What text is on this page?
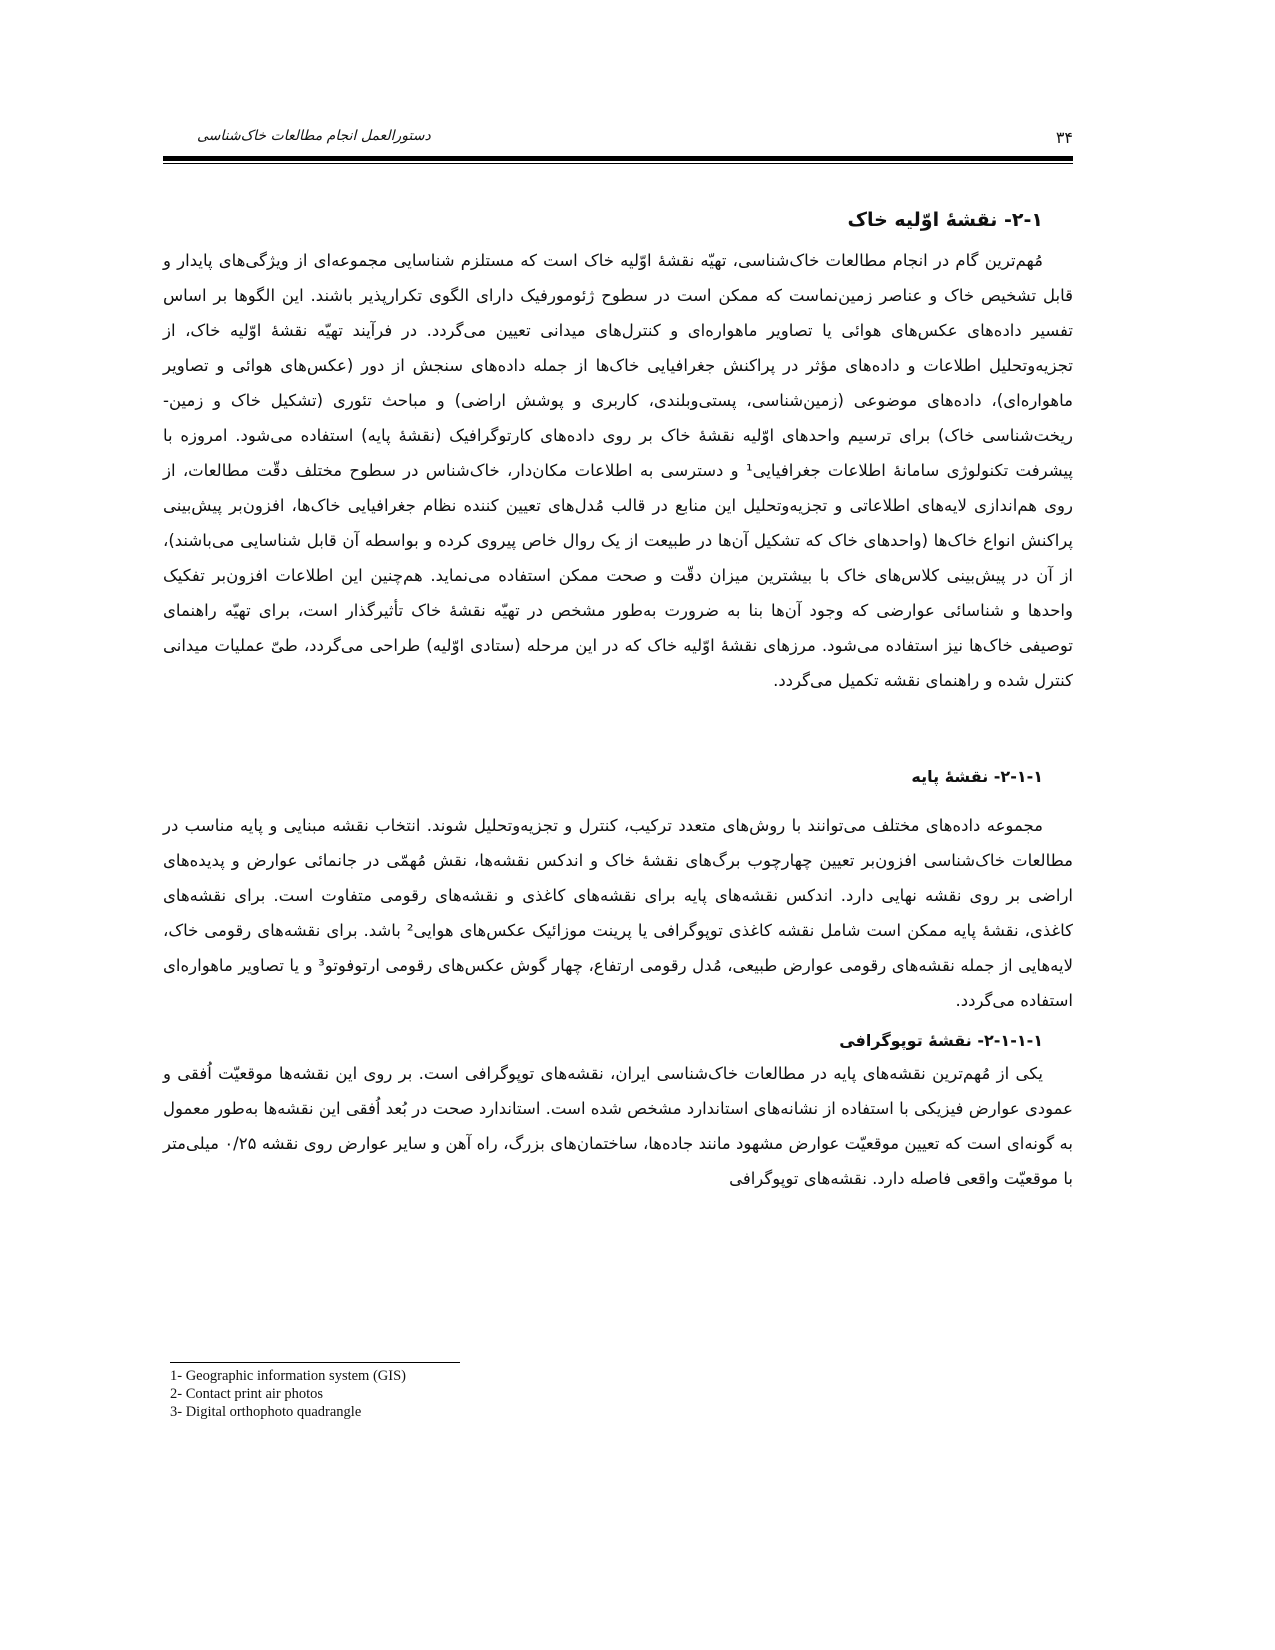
۳۴
دستورالعمل انجام مطالعات خاک‌شناسی
۲-۱- نقشهٔ اوّلیه خاک

مُهم‌ترین گام در انجام مطالعات خاک‌شناسی، تهیّه نقشهٔ اوّلیه خاک است که مستلزم شناسایی مجموعه‌ای از ویژگی‌های پایدار و قابل تشخیص خاک و عناصر زمین‌نماست که ممکن است در سطوح ژئومورفیک دارای الگوی تکرارپذیر باشند. این الگوها بر اساس تفسیر داده‌های عکس‌های هوائی یا تصاویر ماهواره‌ای و کنترل‌های میدانی تعیین می‌گردد. در فرآیند تهیّه نقشهٔ اوّلیه خاک، از تجزیه‌وتحلیل اطلاعات و داده‌های مؤثر در پراکنش جغرافیایی خاک‌ها از جمله داده‌های سنجش از دور (عکس‌های هوائی و تصاویر ماهواره‌ای)، داده‌های موضوعی (زمین‌شناسی، پستی‌وبلندی، کاربری و پوشش اراضی) و مباحث تئوری (تشکیل خاک و زمین-ریخت‌شناسی خاک) برای ترسیم واحدهای اوّلیه نقشهٔ خاک بر روی داده‌های کارتوگرافیک (نقشهٔ پایه) استفاده می‌شود. امروزه با پیشرفت تکنولوژی سامانهٔ اطلاعات جغرافیایی¹ و دسترسی به اطلاعات مکان‌دار، خاک‌شناس در سطوح مختلف دقّت مطالعات، از روی هم‌اندازی لایه‌های اطلاعاتی و تجزیه‌وتحلیل این منابع در قالب مُدل‌های تعیین کننده نظام جغرافیایی خاک‌ها، افزون‌بر پیش‌بینی پراکنش انواع خاک‌ها (واحدهای خاک که تشکیل آن‌ها در طبیعت از یک روال خاص پیروی کرده و بواسطه آن قابل شناسایی می‌باشند)، از آن در پیش‌بینی کلاس‌های خاک با بیشترین میزان دقّت و صحت ممکن استفاده می‌نماید. هم‌چنین این اطلاعات افزون‌بر تفکیک واحدها و شناسائی عوارضی که وجود آن‌ها بنا به ضرورت به‌طور مشخص در تهیّه نقشهٔ خاک تأثیرگذار است، برای تهیّه راهنمای توصیفی خاک‌ها نیز استفاده می‌شود. مرزهای نقشهٔ اوّلیه خاک که در این مرحله (ستادی اوّلیه) طراحی می‌گردد، طیّ عملیات میدانی کنترل شده و راهنمای نقشه تکمیل می‌گردد.

۲-۱-۱- نقشهٔ پایه

مجموعه داده‌های مختلف می‌توانند با روش‌های متعدد ترکیب، کنترل و تجزیه‌وتحلیل شوند. انتخاب نقشه مبنایی و پایه مناسب در مطالعات خاک‌شناسی افزون‌بر تعیین چهارچوب برگ‌های نقشهٔ خاک و اندکس نقشه‌ها، نقش مُهمّی در جانمائی عوارض و پدیده‌های اراضی بر روی نقشه نهایی دارد. اندکس نقشه‌های پایه برای نقشه‌های کاغذی و نقشه‌های رقومی متفاوت است. برای نقشه‌های کاغذی، نقشهٔ پایه ممکن است شامل نقشه کاغذی توپوگرافی یا پرینت موزائیک عکس‌های هوایی² باشد. برای نقشه‌های رقومی خاک، لایه‌هایی از جمله نقشه‌های رقومی عوارض طبیعی، مُدل رقومی ارتفاع، چهار گوش عکس‌های رقومی ارتوفوتو³ و یا تصاویر ماهواره‌ای استفاده می‌گردد.

۲-۱-۱-۱- نقشهٔ توپوگرافی

یکی از مُهم‌ترین نقشه‌های پایه در مطالعات خاک‌شناسی ایران، نقشه‌های توپوگرافی است. بر روی این نقشه‌ها موقعیّت اُفقی و عمودی عوارض فیزیکی با استفاده از نشانه‌های استاندارد مشخص شده است. استاندارد صحت در بُعد اُفقی این نقشه‌ها به‌طور معمول به گونه‌ای است که تعیین موقعیّت عوارض مشهود مانند جاده‌ها، ساختمان‌های بزرگ، راه آهن و سایر عوارض روی نقشه ۰/۲۵ میلی‌متر با موقعیّت واقعی فاصله دارد. نقشه‌های توپوگرافی

1- Geographic information system (GIS)
2- Contact print air photos
3- Digital orthophoto quadrangle
